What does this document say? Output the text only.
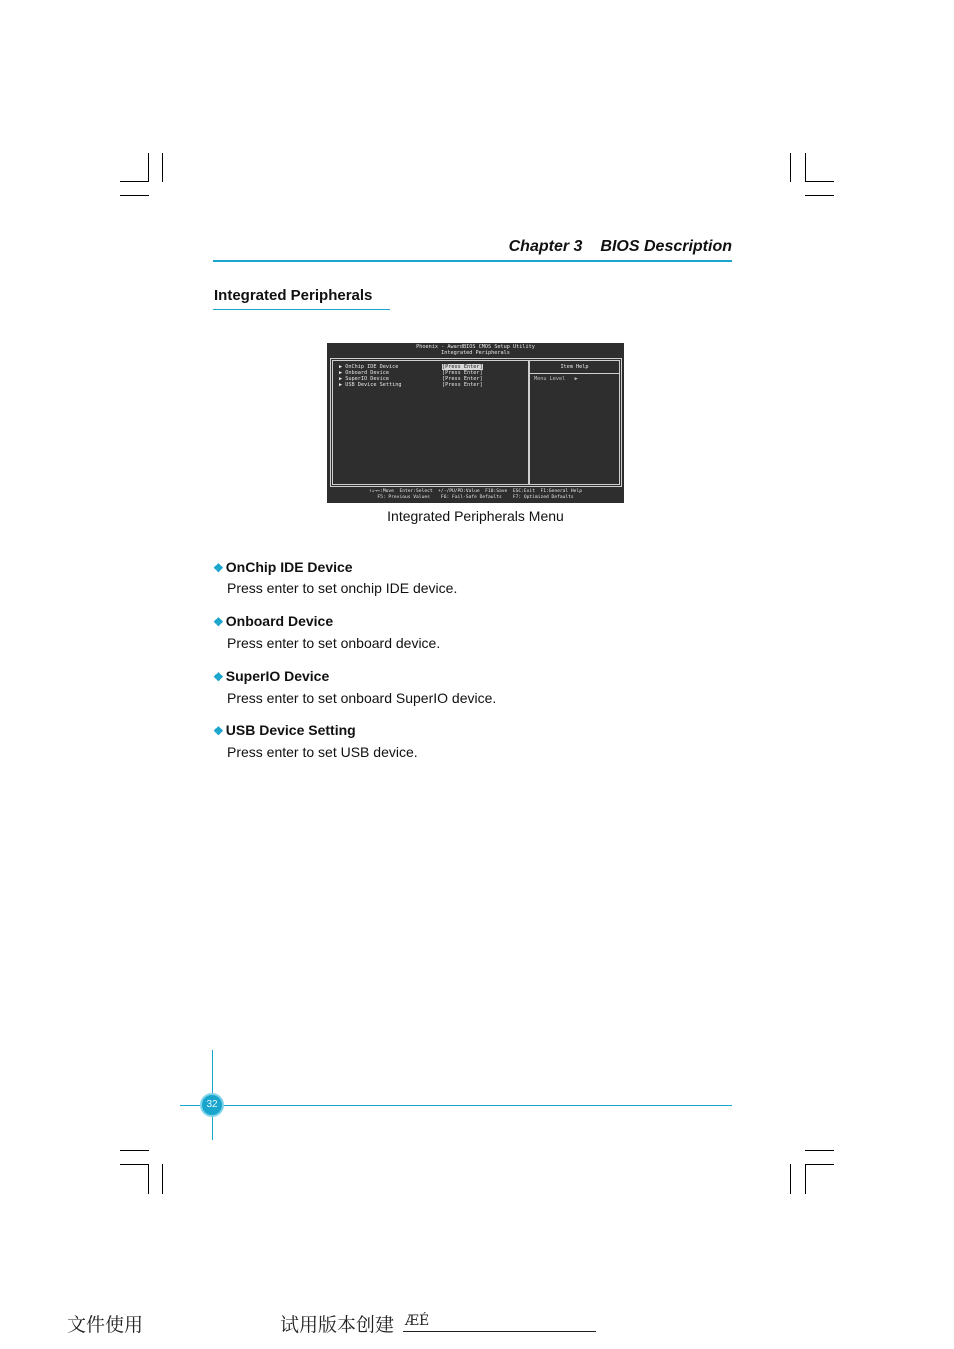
Chapter 3 BIOS Description
Integrated Peripherals
Phoenix - AwardBIOS CMOS Setup Utility
Integrated Peripherals
▶ OnChip IDE Device	[Press Enter]
▶ Onboard Device	[Press Enter]
▶ SuperIO Device	[Press Enter]
▶ USB Device Setting	[Press Enter]
Item Help
Menu Level   ▶
↑↓→←:Move  Enter:Select  +/-/PU/PD:Value  F10:Save  ESC:Exit  F1:General Help
F5: Previous Values    F6: Fail-Safe Defaults    F7: Optimized Defaults
Integrated Peripherals Menu
❖ OnChip IDE Device
Press enter to set onchip IDE device.
❖ Onboard Device
Press enter to set onboard device.
❖ SuperIO Device
Press enter to set onboard SuperIO device.
❖ USB Device Setting
Press enter to set USB device.
32
文件使用	试用版本创建 ÆÉ
